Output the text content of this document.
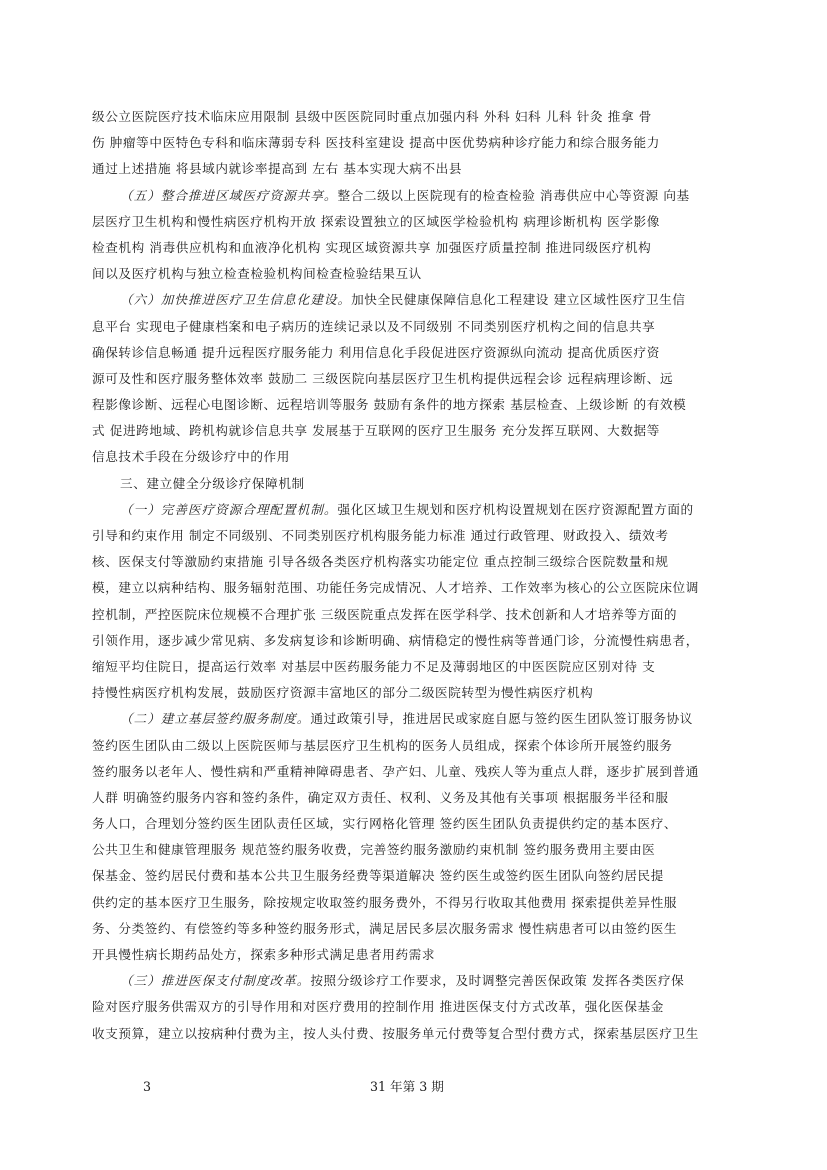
级公立医院医疗技术临床应用限制 县级中医医院同时重点加强内科 外科 妇科 儿科 针灸 推拿 骨
伤 肿瘤等中医特色专科和临床薄弱专科 医技科室建设 提高中医优势病种诊疗能力和综合服务能力
通过上述措施 将县域内就诊率提高到 左右 基本实现大病不出县
（五）整合推进区域医疗资源共享。整合二级以上医院现有的检查检验 消毒供应中心等资源 向基
层医疗卫生机构和慢性病医疗机构开放 探索设置独立的区域医学检验机构 病理诊断机构 医学影像
检查机构 消毒供应机构和血液净化机构 实现区域资源共享 加强医疗质量控制 推进同级医疗机构
间以及医疗机构与独立检查检验机构间检查检验结果互认
（六）加快推进医疗卫生信息化建设。加快全民健康保障信息化工程建设 建立区域性医疗卫生信
息平台 实现电子健康档案和电子病历的连续记录以及不同级别 不同类别医疗机构之间的信息共享
确保转诊信息畅通 提升远程医疗服务能力 利用信息化手段促进医疗资源纵向流动 提高优质医疗资
源可及性和医疗服务整体效率 鼓励二 三级医院向基层医疗卫生机构提供远程会诊 远程病理诊断、远
程影像诊断、远程心电图诊断、远程培训等服务 鼓励有条件的地方探索 基层检查、上级诊断 的有效模
式 促进跨地域、跨机构就诊信息共享 发展基于互联网的医疗卫生服务 充分发挥互联网、大数据等
信息技术手段在分级诊疗中的作用
三、建立健全分级诊疗保障机制
（一）完善医疗资源合理配置机制。强化区域卫生规划和医疗机构设置规划在医疗资源配置方面的
引导和约束作用 制定不同级别、不同类别医疗机构服务能力标准 通过行政管理、财政投入、绩效考
核、医保支付等激励约束措施 引导各级各类医疗机构落实功能定位 重点控制三级综合医院数量和规
模，建立以病种结构、服务辐射范围、功能任务完成情况、人才培养、工作效率为核心的公立医院床位调
控机制，严控医院床位规模不合理扩张 三级医院重点发挥在医学科学、技术创新和人才培养等方面的
引领作用，逐步减少常见病、多发病复诊和诊断明确、病情稳定的慢性病等普通门诊，分流慢性病患者，
缩短平均住院日，提高运行效率 对基层中医药服务能力不足及薄弱地区的中医医院应区别对待 支
持慢性病医疗机构发展，鼓励医疗资源丰富地区的部分二级医院转型为慢性病医疗机构
（二）建立基层签约服务制度。通过政策引导，推进居民或家庭自愿与签约医生团队签订服务协议
签约医生团队由二级以上医院医师与基层医疗卫生机构的医务人员组成，探索个体诊所开展签约服务
签约服务以老年人、慢性病和严重精神障碍患者、孕产妇、儿童、残疾人等为重点人群，逐步扩展到普通
人群 明确签约服务内容和签约条件，确定双方责任、权利、义务及其他有关事项 根据服务半径和服
务人口，合理划分签约医生团队责任区域，实行网格化管理 签约医生团队负责提供约定的基本医疗、
公共卫生和健康管理服务 规范签约服务收费，完善签约服务激励约束机制 签约服务费用主要由医
保基金、签约居民付费和基本公共卫生服务经费等渠道解决 签约医生或签约医生团队向签约居民提
供约定的基本医疗卫生服务，除按规定收取签约服务费外，不得另行收取其他费用 探索提供差异性服
务、分类签约、有偿签约等多种签约服务形式，满足居民多层次服务需求 慢性病患者可以由签约医生
开具慢性病长期药品处方，探索多种形式满足患者用药需求
（三）推进医保支付制度改革。按照分级诊疗工作要求，及时调整完善医保政策 发挥各类医疗保
险对医疗服务供需双方的引导作用和对医疗费用的控制作用 推进医保支付方式改革，强化医保基金
收支预算，建立以按病种付费为主，按人头付费、按服务单元付费等复合型付费方式，探索基层医疗卫生
3	31 年第 3 期
